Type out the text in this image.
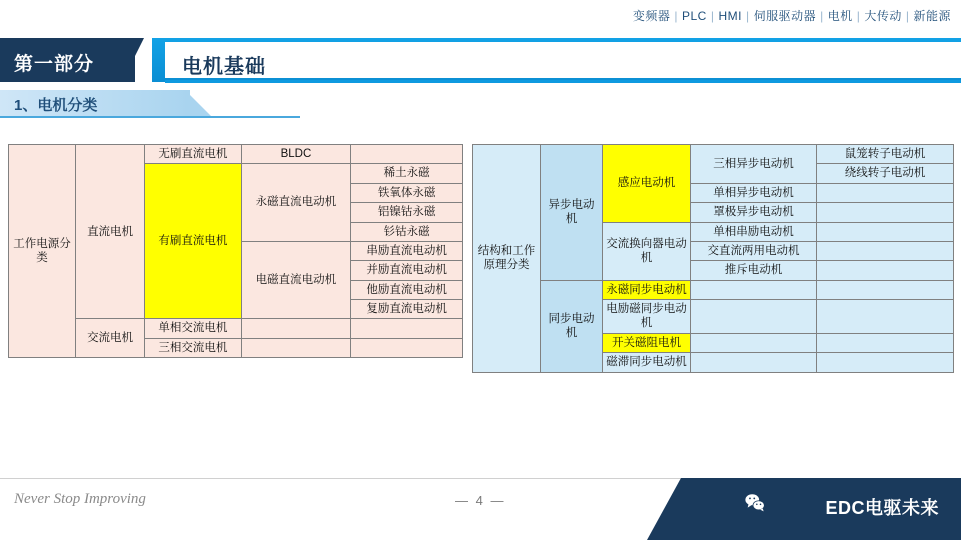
变频器 | PLC | HMI | 伺服驱动器 | 电机 | 大传动 | 新能源
第一部分	电机基础
1、电机分类
工作电源分类	直流电机	无刷直流电机	BLDC	
		有刷直流电机	永磁直流电动机	稀土永磁
				铁氧体永磁
				铝镍钴永磁
				钐钴永磁
			电磁直流电动机	串励直流电动机
				并励直流电动机
				他励直流电动机
				复励直流电动机
	交流电机	单相交流电机		
		三相交流电机		
结构和工作原理分类	异步电动机	感应电动机	三相异步电动机	鼠笼转子电动机
				绕线转子电动机
			单相异步电动机	
			罩极异步电动机	
		交流换向器电动机	单相串励电动机	
			交直流两用电动机	
			推斥电动机	
	同步电动机	永磁同步电动机		
		电励磁同步电动机		
		开关磁阻电机		
		磁滞同步电动机		
Never Stop Improving	— 4 —	EDC电驱未来
